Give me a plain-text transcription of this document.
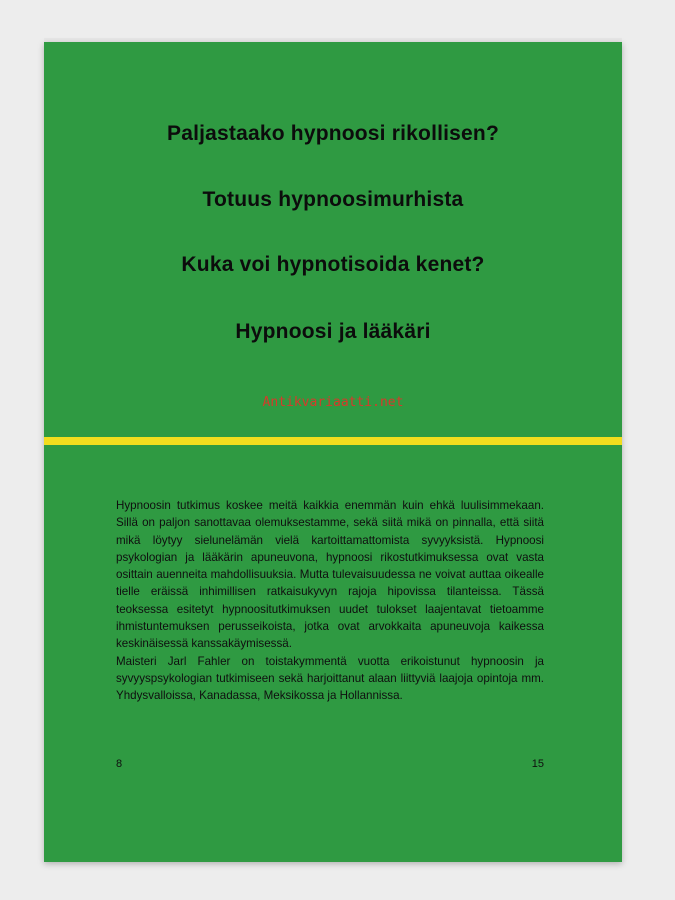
Paljastaako hypnoosi rikollisen?
Totuus hypnoosimurhista
Kuka voi hypnotisoida kenet?
Hypnoosi ja lääkäri
Antikvariaatti.net

Hypnoosin tutkimus koskee meitä kaikkia enemmän kuin ehkä luulisimmekaan. Sillä on paljon sanottavaa olemuksestamme, sekä siitä mikä on pinnalla, että siitä mikä löytyy sielunelämän vielä kartoittamattomista syvyyksistä. Hypnoosi psykologian ja lääkärin apuneuvona, hypnoosi rikostutkimuksessa ovat vasta osittain auenneita mahdollisuuksia. Mutta tulevaisuudessa ne voivat auttaa oikealle tielle eräissä inhimillisen ratkaisukyvyn rajoja hipovissa tilanteissa. Tässä teoksessa esitetyt hypnoositutkimuksen uudet tulokset laajentavat tietoamme ihmistuntemuksen perusseikoista, jotka ovat arvokkaita apuneuvoja kaikessa keskinäisessä kanssakäymisessä.

Maisteri Jarl Fahler on toistakymmentä vuotta erikoistunut hypnoosin ja syvyyspsykologian tutkimiseen sekä harjoittanut alaan liittyviä laajoja opintoja mm. Yhdysvalloissa, Kanadassa, Meksikossa ja Hollannissa.

8	15
